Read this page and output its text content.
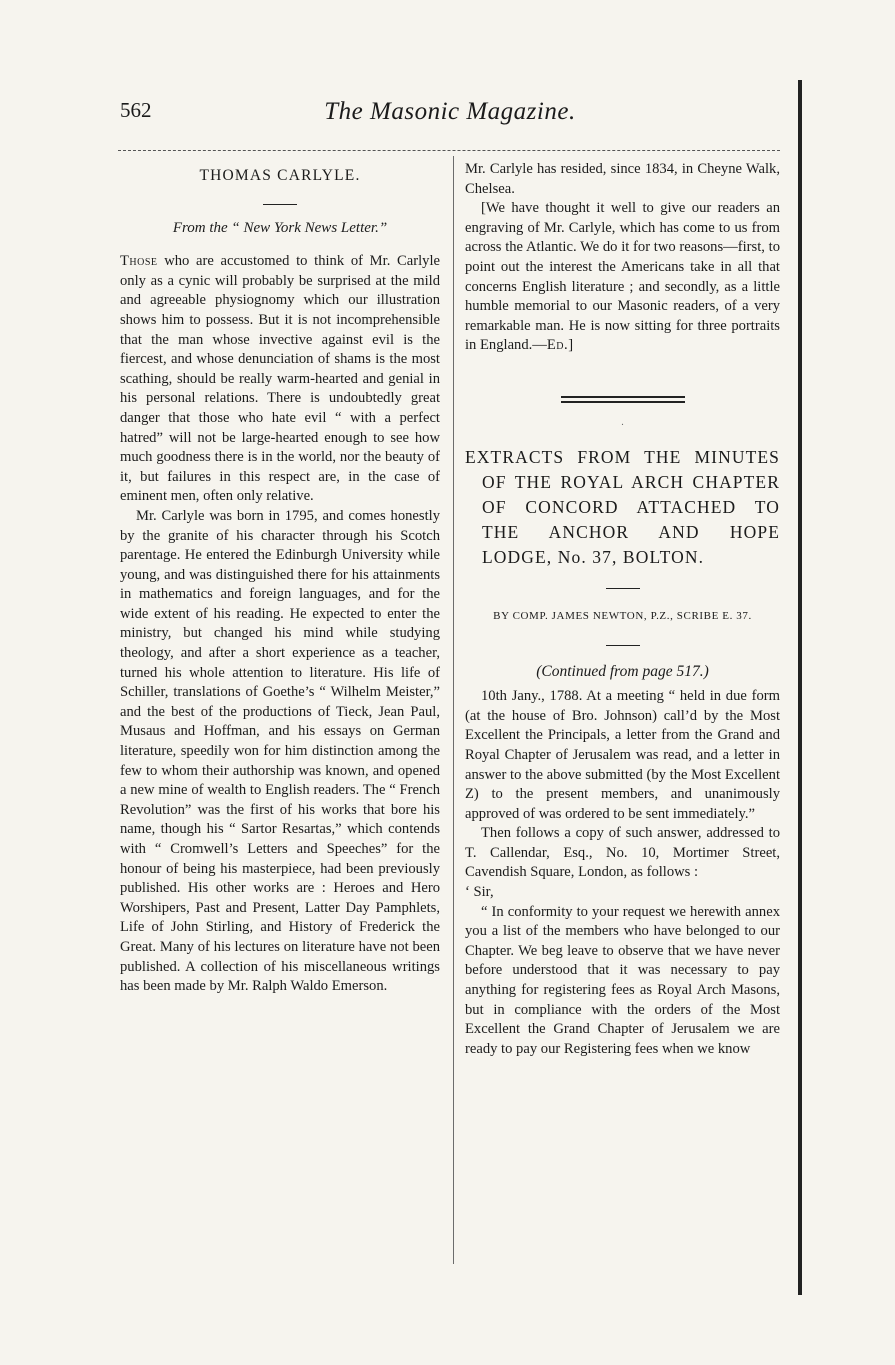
562	The Masonic Magazine.
THOMAS CARLYLE.
From the “ New York News Letter.”

Those who are accustomed to think of Mr. Carlyle only as a cynic will probably be surprised at the mild and agreeable physiognomy which our illustration shows him to possess. But it is not incomprehensible that the man whose invective against evil is the fiercest, and whose denunciation of shams is the most scathing, should be really warm-hearted and genial in his personal relations. There is undoubtedly great danger that those who hate evil “ with a perfect hatred” will not be large-hearted enough to see how much goodness there is in the world, nor the beauty of it, but failures in this respect are, in the case of eminent men, often only relative.

Mr. Carlyle was born in 1795, and comes honestly by the granite of his character through his Scotch parentage. He entered the Edinburgh University while young, and was distinguished there for his attainments in mathematics and foreign languages, and for the wide extent of his reading. He expected to enter the ministry, but changed his mind while studying theology, and after a short experience as a teacher, turned his whole attention to literature. His life of Schiller, translations of Goethe’s “ Wilhelm Meister,” and the best of the productions of Tieck, Jean Paul, Musaus and Hoffman, and his essays on German literature, speedily won for him distinction among the few to whom their authorship was known, and opened a new mine of wealth to English readers. The “ French Revolution” was the first of his works that bore his name, though his “ Sartor Resartas,” which contends with “ Cromwell’s Letters and Speeches” for the honour of being his masterpiece, had been previously published. His other works are : Heroes and Hero Worshipers, Past and Present, Latter Day Pamphlets, Life of John Stirling, and History of Frederick the Great. Many of his lectures on literature have not been published. A collection of his miscellaneous writings has been made by Mr. Ralph Waldo Emerson.

Mr. Carlyle has resided, since 1834, in Cheyne Walk, Chelsea.

[We have thought it well to give our readers an engraving of Mr. Carlyle, which has come to us from across the Atlantic. We do it for two reasons—first, to point out the interest the Americans take in all that concerns English literature ; and secondly, as a little humble memorial to our Masonic readers, of a very remarkable man. He is now sitting for three portraits in England.—Ed.]

.
EXTRACTS FROM THE MINUTES OF THE ROYAL ARCH CHAPTER OF CONCORD ATTACHED TO THE ANCHOR AND HOPE LODGE, No. 37, BOLTON.
BY COMP. JAMES NEWTON, P.Z., SCRIBE E. 37.
(Continued from page 517.)

10th Jany., 1788. At a meeting “ held in due form (at the house of Bro. Johnson) call’d by the Most Excellent the Principals, a letter from the Grand and Royal Chapter of Jerusalem was read, and a letter in answer to the above submitted (by the Most Excellent Z) to the present members, and unanimously approved of was ordered to be sent immediately.”

Then follows a copy of such answer, addressed to T. Callendar, Esq., No. 10, Mortimer Street, Cavendish Square, London, as follows :

‘ Sir,

“ In conformity to your request we herewith annex you a list of the members who have belonged to our Chapter. We beg leave to observe that we have never before understood that it was necessary to pay anything for registering fees as Royal Arch Masons, but in compliance with the orders of the Most Excellent the Grand Chapter of Jerusalem we are ready to pay our Registering fees when we know
